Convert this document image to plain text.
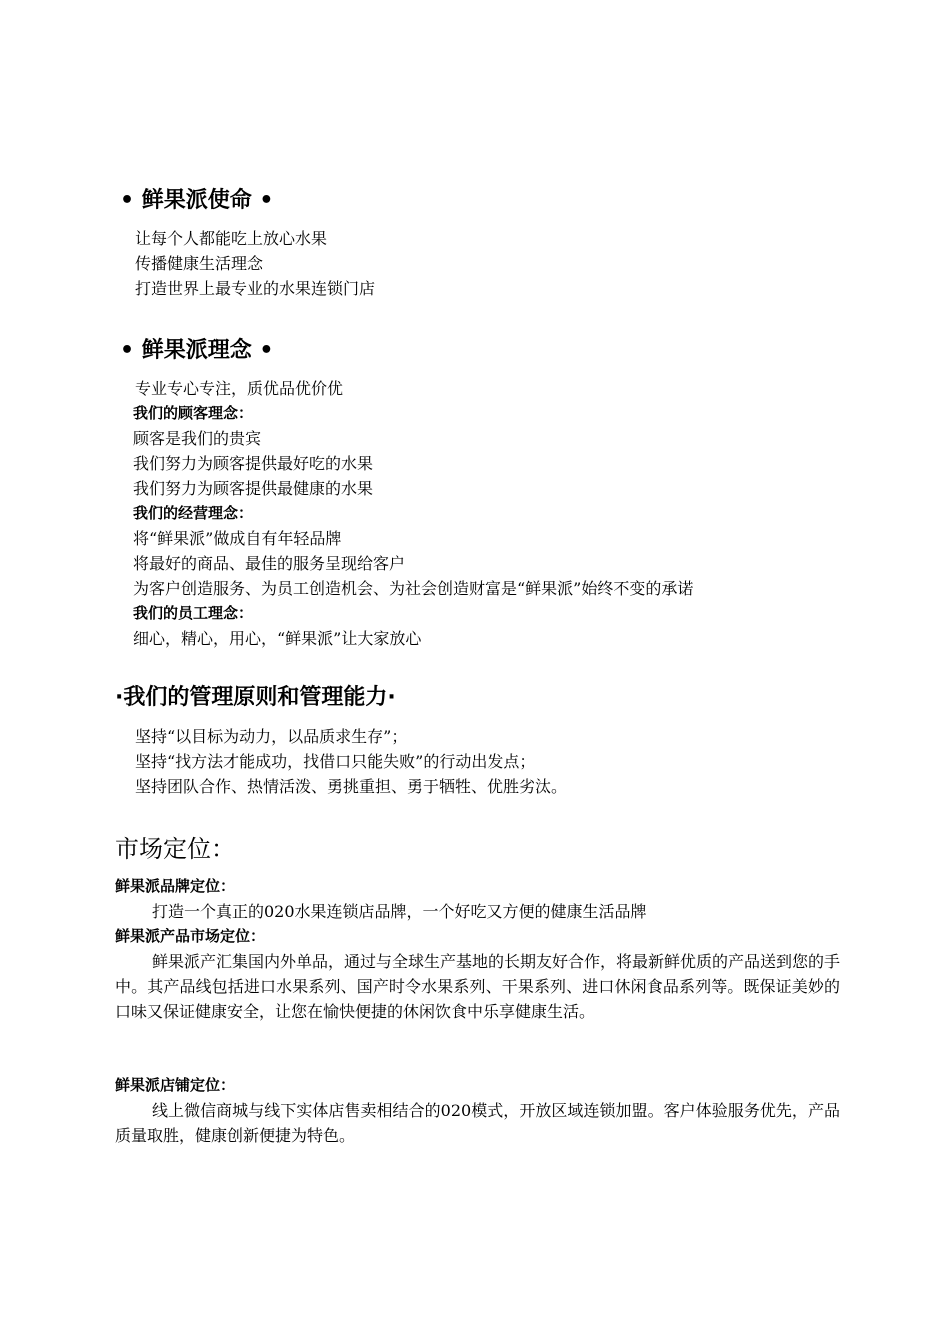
• 鲜果派使命 •
让每个人都能吃上放心水果
传播健康生活理念
打造世界上最专业的水果连锁门店
• 鲜果派理念 •
专业专心专注，质优品优价优
我们的顾客理念：
顾客是我们的贵宾
我们努力为顾客提供最好吃的水果
我们努力为顾客提供最健康的水果
我们的经营理念：
将“鲜果派”做成自有年轻品牌
将最好的商品、最佳的服务呈现给客户
为客户创造服务、为员工创造机会、为社会创造财富是“鲜果派”始终不变的承诺
我们的员工理念：
细心，精心，用心，“鲜果派”让大家放心
·我们的管理原则和管理能力·
坚持“以目标为动力，以品质求生存”；
坚持“找方法才能成功，找借口只能失败”的行动出发点；
坚持团队合作、热情活泼、勇挑重担、勇于牺牲、优胜劣汰。
市场定位：
鲜果派品牌定位：
打造一个真正的020水果连锁店品牌，一个好吃又方便的健康生活品牌
鲜果派产品市场定位：
鲜果派产汇集国内外单品，通过与全球生产基地的长期友好合作，将最新鲜优质的产品送到您的手中。其产品线包括进口水果系列、国产时令水果系列、干果系列、进口休闲食品系列等。既保证美妙的口味又保证健康安全，让您在愉快便捷的休闲饮食中乐享健康生活。
鲜果派店铺定位：
线上微信商城与线下实体店售卖相结合的020模式，开放区域连锁加盟。客户体验服务优先，产品质量取胜，健康创新便捷为特色。
